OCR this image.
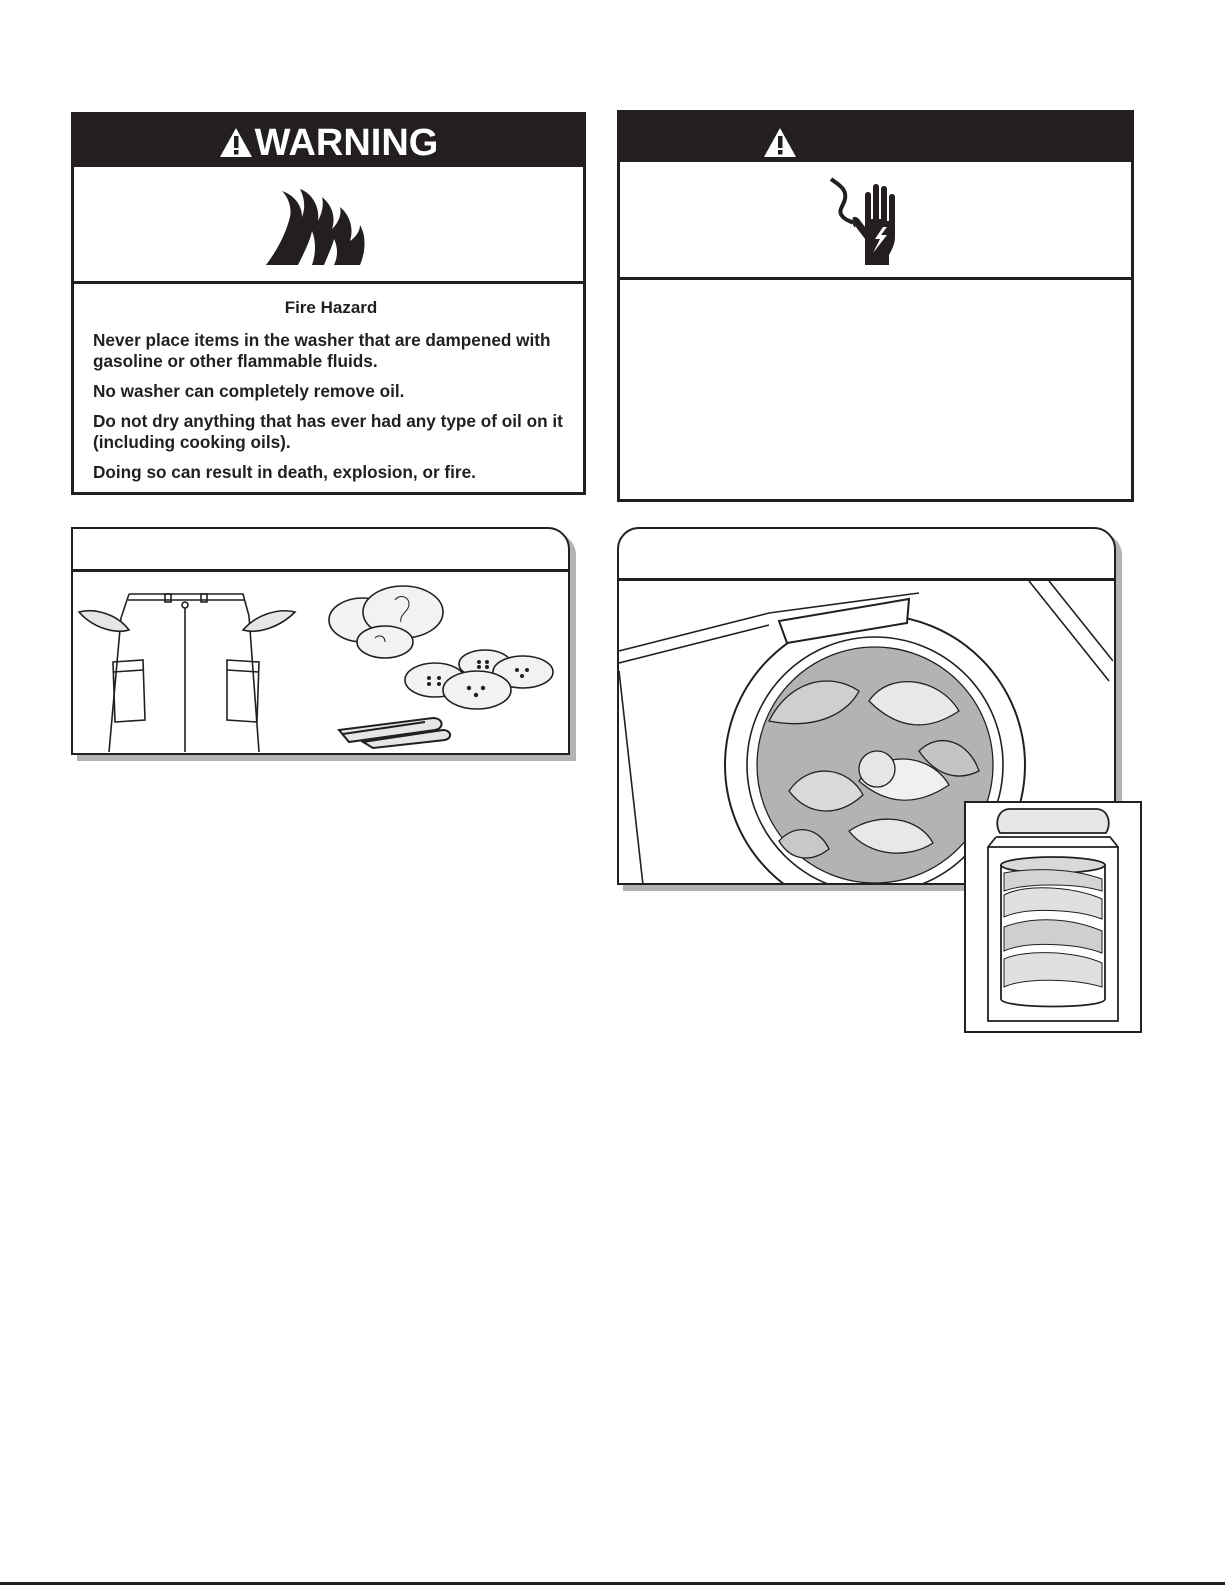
WARNING

Fire Hazard

Never place items in the washer that are dampened with gasoline or other flammable fluids.

No washer can completely remove oil.

Do not dry anything that has ever had any type of oil on it (including cooking oils).

Doing so can result in death, explosion, or fire.
